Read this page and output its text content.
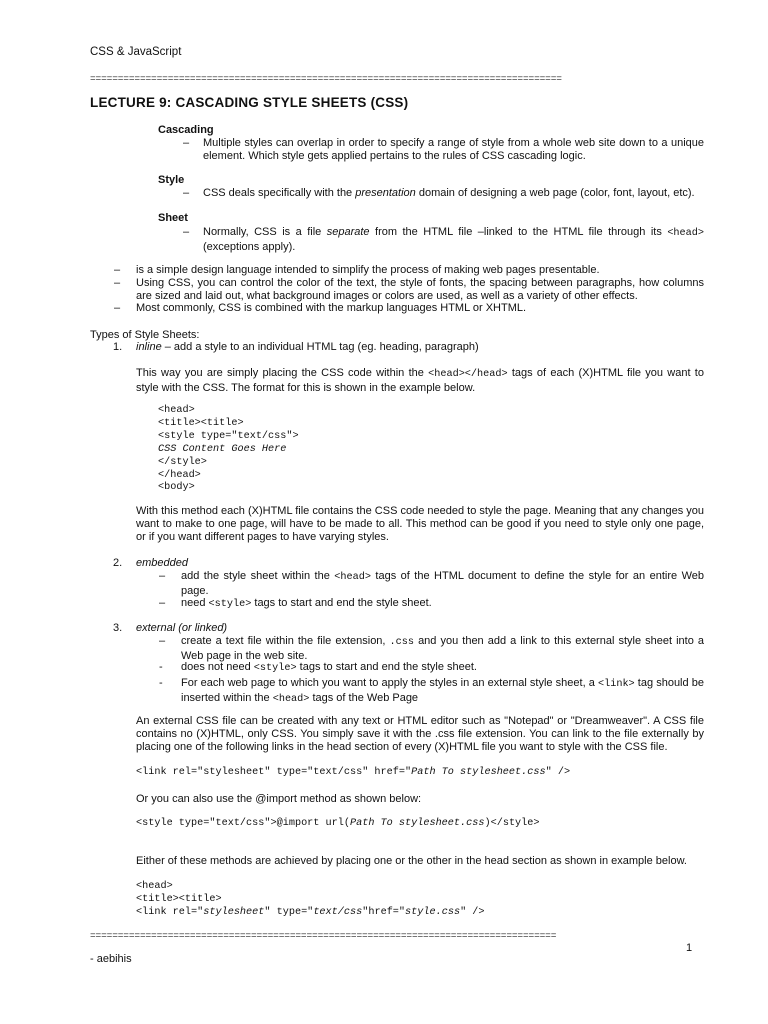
CSS & JavaScript
=====================================================================================
LECTURE 9: CASCADING STYLE SHEETS (CSS)
Cascading
– Multiple styles can overlap in order to specify a range of style from a whole web site down to a unique element. Which style gets applied pertains to the rules of CSS cascading logic.
Style
– CSS deals specifically with the presentation domain of designing a web page (color, font, layout, etc).
Sheet
– Normally, CSS is a file separate from the HTML file –linked to the HTML file through its <head> (exceptions apply).
– is a simple design language intended to simplify the process of making web pages presentable.
– Using CSS, you can control the color of the text, the style of fonts, the spacing between paragraphs, how columns are sized and laid out, what background images or colors are used, as well as a variety of other effects.
– Most commonly, CSS is combined with the markup languages HTML or XHTML.
Types of Style Sheets:
1. inline – add a style to an individual HTML tag (eg. heading, paragraph)
This way you are simply placing the CSS code within the <head></head> tags of each (X)HTML file you want to style with the CSS. The format for this is shown in the example below.
<head>
<title><title>
<style type="text/css">
CSS Content Goes Here
</style>
</head>
<body>
With this method each (X)HTML file contains the CSS code needed to style the page. Meaning that any changes you want to make to one page, will have to be made to all. This method can be good if you need to style only one page, or if you want different pages to have varying styles.
2. embedded
– add the style sheet within the <head> tags of the HTML document to define the style for an entire Web page.
– need <style> tags to start and end the style sheet.
3. external (or linked)
– create a text file within the file extension, .css and you then add a link to this external style sheet into a Web page in the web site.
- does not need <style> tags to start and end the style sheet.
- For each web page to which you want to apply the styles in an external style sheet, a <link> tag should be inserted within the <head> tags of the Web Page
An external CSS file can be created with any text or HTML editor such as "Notepad" or "Dreamweaver". A CSS file contains no (X)HTML, only CSS. You simply save it with the .css file extension. You can link to the file externally by placing one of the following links in the head section of every (X)HTML file you want to style with the CSS file.
<link rel="stylesheet" type="text/css" href="Path To stylesheet.css" />
Or you can also use the @import method as shown below:
<style type="text/css">@import url(Path To stylesheet.css)</style>
Either of these methods are achieved by placing one or the other in the head section as shown in example below.
<head>
<title><title>
<link rel="stylesheet" type="text/css"href="style.css" />
====================================================================================
1
- aebihis
